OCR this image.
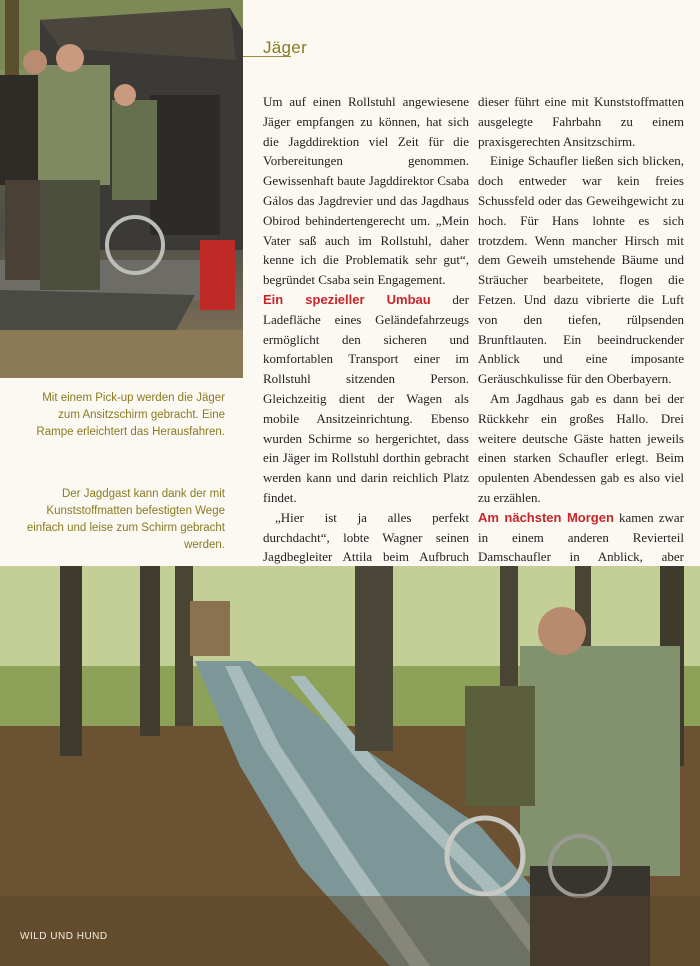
Mit einem Pick-up werden die Jäger zum Ansitzschirm gebracht. Eine Rampe erleichtert das Herausfahren.
Der Jagdgast kann dank der mit Kunststoffmatten befestigten Wege einfach und leise zum Schirm gebracht werden.
Jäger

Um auf einen Rollstuhl angewiesene Jäger empfangen zu können, hat sich die Jagddirektion viel Zeit für die Vorbereitungen genommen. Gewissenhaft baute Jagddirektor Csaba Gálos das Jagdrevier und das Jagdhaus Obirod behindertengerecht um. „Mein Vater saß auch im Rollstuhl, daher kenne ich die Problematik sehr gut“, begründet Csaba sein Engagement.

Ein spezieller Umbau der Ladefläche eines Geländefahrzeugs ermöglicht den sicheren und komfortablen Transport einer im Rollstuhl sitzenden Person. Gleichzeitig dient der Wagen als mobile Ansitzeinrichtung. Ebenso wurden Schirme so hergerichtet, dass ein Jäger im Rollstuhl dorthin gebracht werden kann und darin reichlich Platz findet.

„Hier ist ja alles perfekt durchdacht“, lobte Wagner seinen Jagdbegleiter Attila beim Aufbruch

dieser führt eine mit Kunststoffmatten ausgelegte Fahrbahn zu einem praxisgerechten Ansitzschirm.

Einige Schaufler ließen sich blicken, doch entweder war kein freies Schussfeld oder das Geweihgewicht zu hoch. Für Hans lohnte es sich trotzdem. Wenn mancher Hirsch mit dem Geweih umstehende Bäume und Sträucher bearbeitete, flogen die Fetzen. Und dazu vibrierte die Luft von den tiefen, rülpsenden Brunftlauten. Ein beeindruckender Anblick und eine imposante Geräuschkulisse für den Oberbayern.

Am Jagdhaus gab es dann bei der Rückkehr ein großes Hallo. Drei weitere deutsche Gäste hatten jeweils einen starken Schaufler erlegt. Beim opulenten Abendessen gab es also viel zu erzählen.

Am nächsten Morgen kamen zwar in einem anderen Revierteil Damschaufler in Anblick, aber

WILD UND HUND
